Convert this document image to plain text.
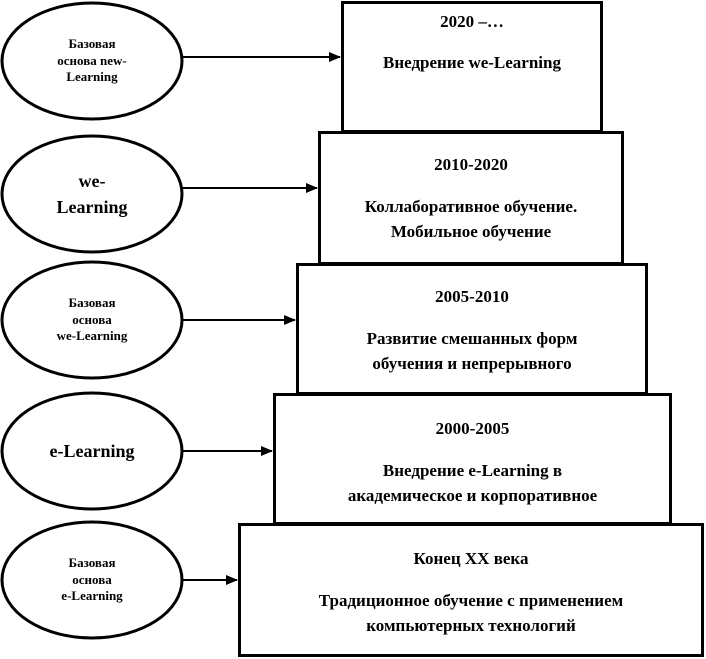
Базовая
основа new-
Learning
we-
Learning
Базовая
основа
we-Learning
e-Learning
Базовая
основа
e-Learning
2020 –…
Внедрение we-Learning
2010-2020
Коллаборативное обучение.
Мобильное обучение
2005-2010
Развитие смешанных форм
обучения и непрерывного
2000-2005
Внедрение e-Learning в
академическое и корпоративное
Конец XX века
Традиционное обучение с применением
компьютерных технологий
